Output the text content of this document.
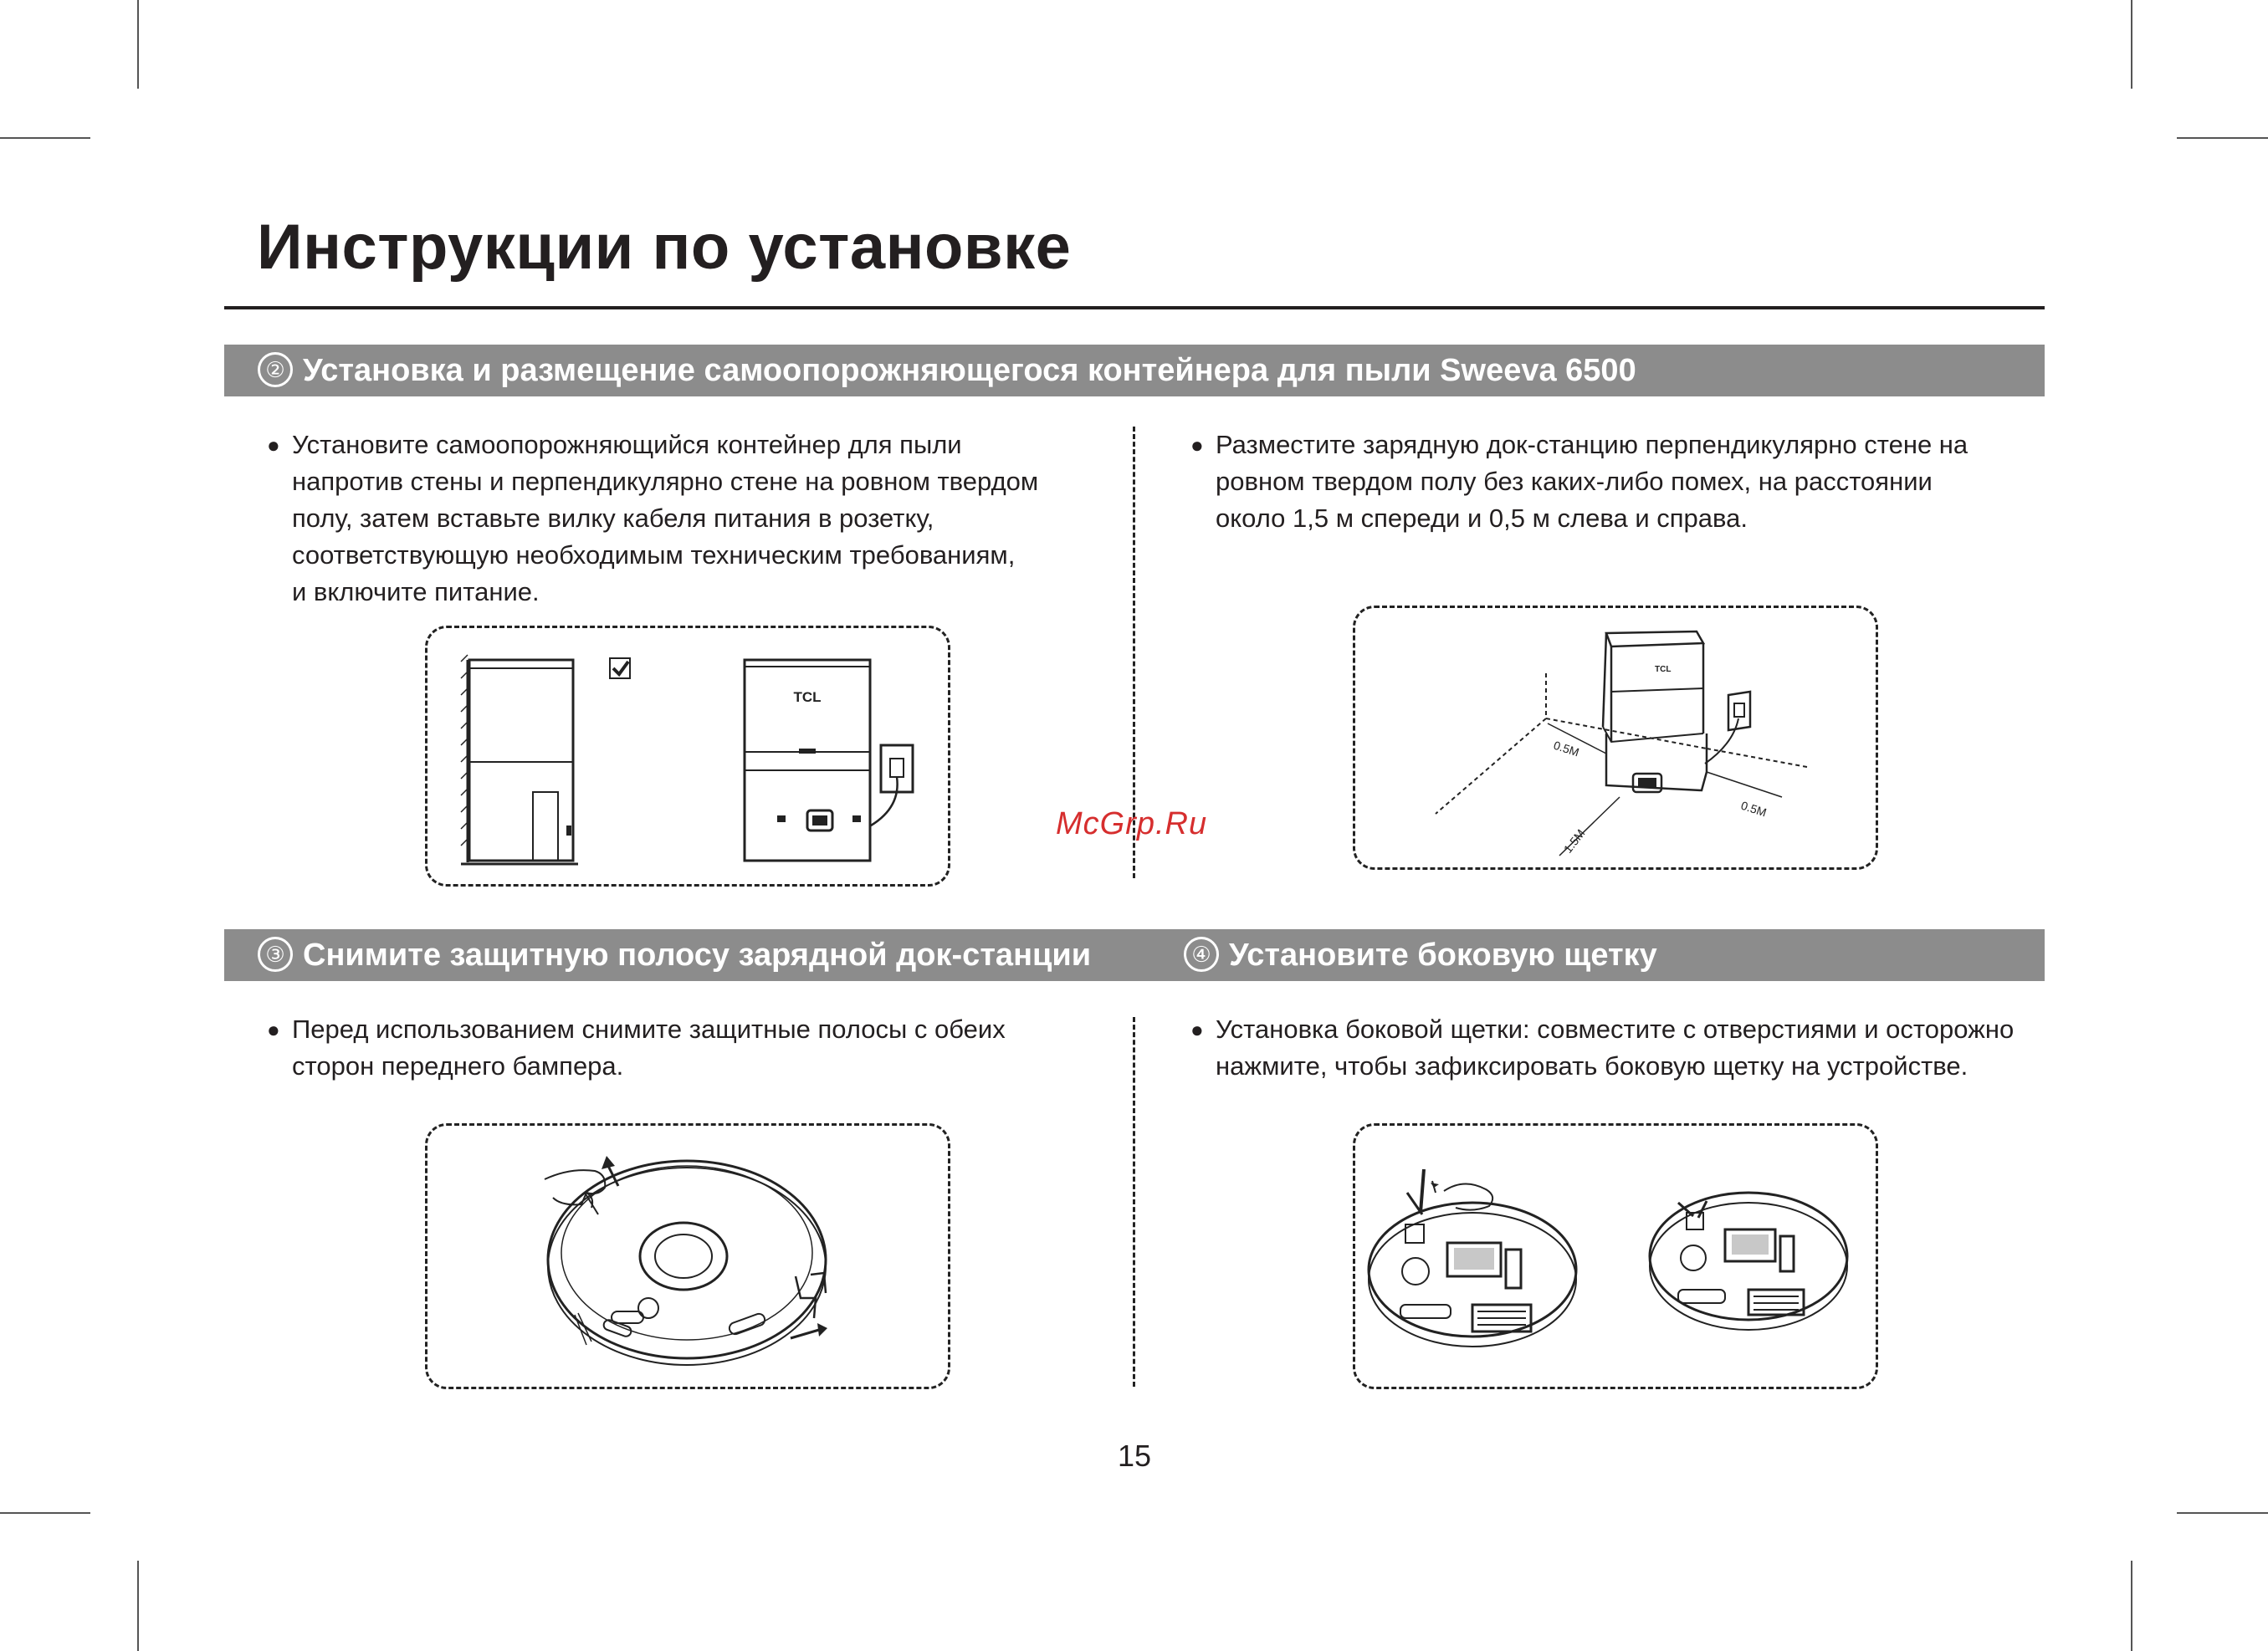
Инструкции по установке
② Установка и размещение самоопорожняющегося контейнера для пыли Sweeva 6500
● Установите самоопорожняющийся контейнер для пыли
напротив стены и перпендикулярно стене на ровном твердом
полу, затем вставьте вилку кабеля питания в розетку,
соответствующую необходимым техническим требованиям,
и включите питание.
● Разместите зарядную док-станцию перпендикулярно стене на
ровном твердом полу без каких-либо помех, на расстоянии
около 1,5 м спереди и 0,5 м слева и справа.
TCL
TCL
0.5M
0.5M
1.5M
McGrp.Ru
③ Снимите защитную полосу зарядной док-станции	④ Установите боковую щетку
● Перед использованием снимите защитные полосы с обеих
сторон переднего бампера.
● Установка боковой щетки: совместите с отверстиями и осторожно
нажмите, чтобы зафиксировать боковую щетку на устройстве.
15
